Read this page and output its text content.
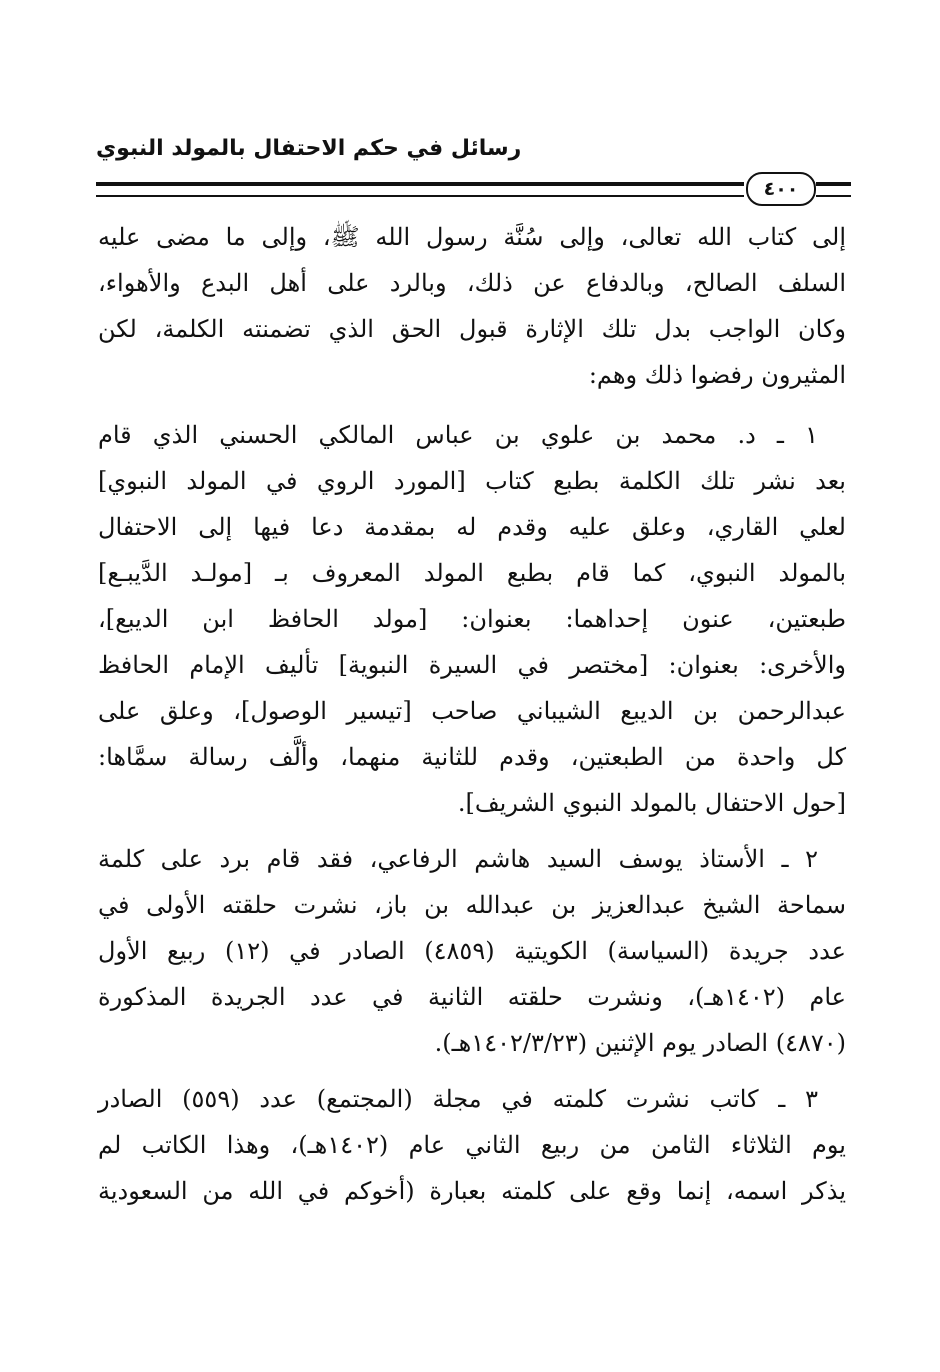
رسائل في حكم الاحتفال بالمولد النبوي
٤٠٠
إلى كتاب الله تعالى، وإلى سُنَّة رسول الله ﷺ، وإلى ما مضى عليه
السلف الصالح، وبالدفاع عن ذلك، وبالرد على أهل البدع والأهواء،
وكان الواجب بدل تلك الإثارة قبول الحق الذي تضمنته الكلمة، لكن
المثيرون رفضوا ذلك وهم:
١ ـ د. محمد بن علوي بن عباس المالكي الحسني الذي قام
بعد نشر تلك الكلمة بطبع كتاب [المورد الروي في المولد النبوي]
لعلي القاري، وعلق عليه وقدم له بمقدمة دعا فيها إلى الاحتفال
بالمولد النبوي، كما قام بطبع المولد المعروف بـ [مولـد الدَّيبـع]
طبعتين، عنون إحداهما: بعنوان: [مولد الحافظ ابن الديبع]،
والأخرى: بعنوان: [مختصر في السيرة النبوية] تأليف الإمام الحافظ
عبدالرحمن بن الديبع الشيباني صاحب [تيسير الوصول]، وعلق على
كل واحدة من الطبعتين، وقدم للثانية منهما، وألَّف رسالة سمَّاها:
[حول الاحتفال بالمولد النبوي الشريف].
٢ ـ الأستاذ يوسف السيد هاشم الرفاعي، فقد قام برد على كلمة
سماحة الشيخ عبدالعزيز بن عبدالله بن باز، نشرت حلقته الأولى في
عدد جريدة (السياسة) الكويتية (٤٨٥٩) الصادر في (١٢) ربيع الأول
عام (١٤٠٢هـ)، ونشرت حلقته الثانية في عدد الجريدة المذكورة
(٤٨٧٠) الصادر يوم الإثنين (١٤٠٢/٣/٢٣هـ).
٣ ـ كاتب نشرت كلمته في مجلة (المجتمع) عدد (٥٥٩) الصادر
يوم الثلاثاء الثامن من ربيع الثاني عام (١٤٠٢هـ)، وهذا الكاتب لم
يذكر اسمه، إنما وقع على كلمته بعبارة (أخوكم في الله من السعودية
